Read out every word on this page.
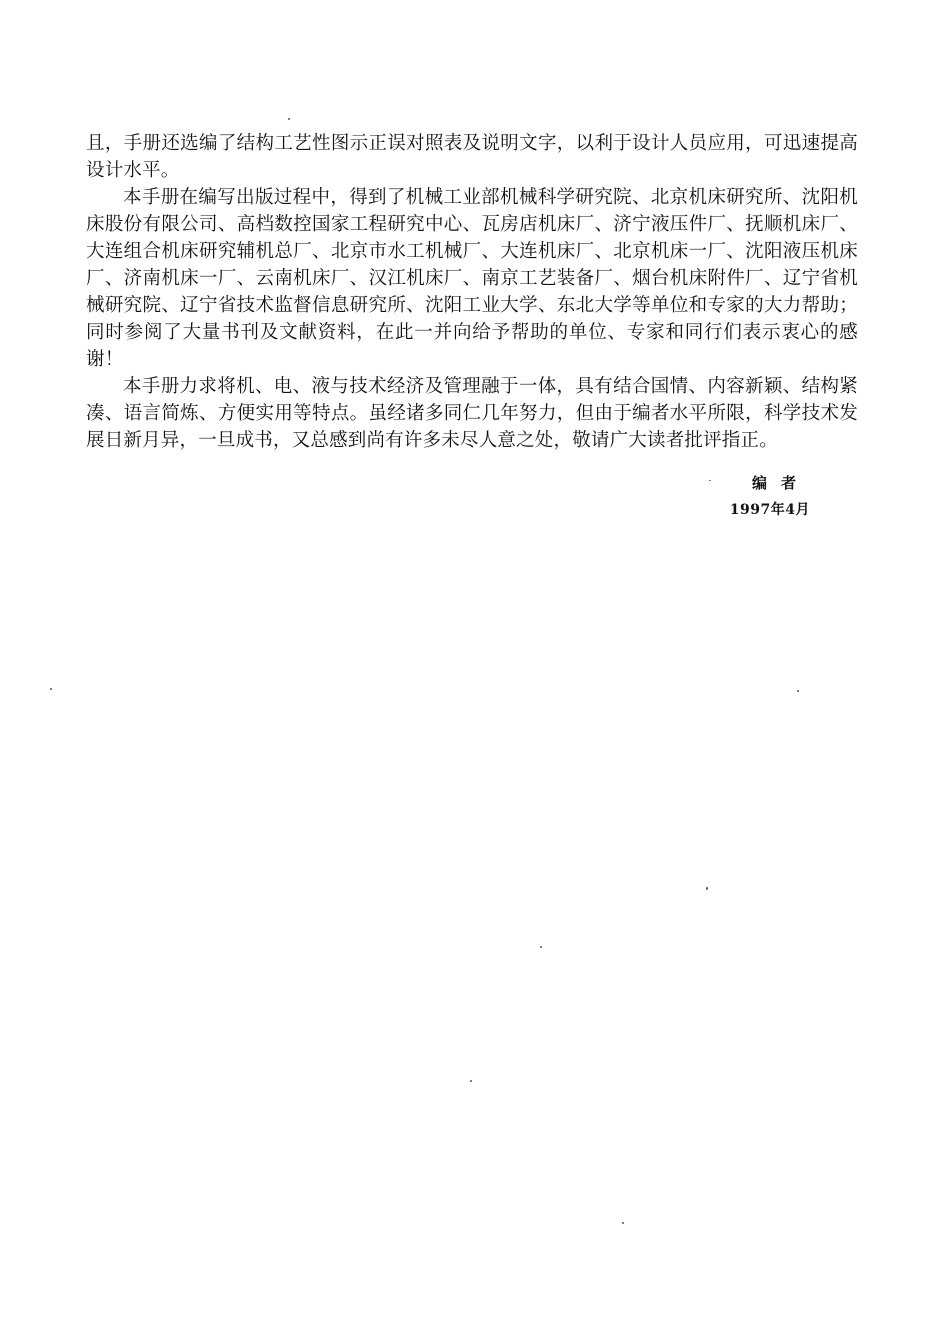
且，手册还选编了结构工艺性图示正误对照表及说明文字，以利于设计人员应用，可迅速提高设计水平。

本手册在编写出版过程中，得到了机械工业部机械科学研究院、北京机床研究所、沈阳机床股份有限公司、高档数控国家工程研究中心、瓦房店机床厂、济宁液压件厂、抚顺机床厂、大连组合机床研究辅机总厂、北京市水工机械厂、大连机床厂、北京机床一厂、沈阳液压机床厂、济南机床一厂、云南机床厂、汉江机床厂、南京工艺装备厂、烟台机床附件厂、辽宁省机械研究院、辽宁省技术监督信息研究所、沈阳工业大学、东北大学等单位和专家的大力帮助；同时参阅了大量书刊及文献资料，在此一并向给予帮助的单位、专家和同行们表示衷心的感谢！

本手册力求将机、电、液与技术经济及管理融于一体，具有结合国情、内容新颖、结构紧凑、语言简炼、方便实用等特点。虽经诸多同仁几年努力，但由于编者水平所限，科学技术发展日新月异，一旦成书，又总感到尚有许多未尽人意之处，敬请广大读者批评指正。

编者
1997年4月
